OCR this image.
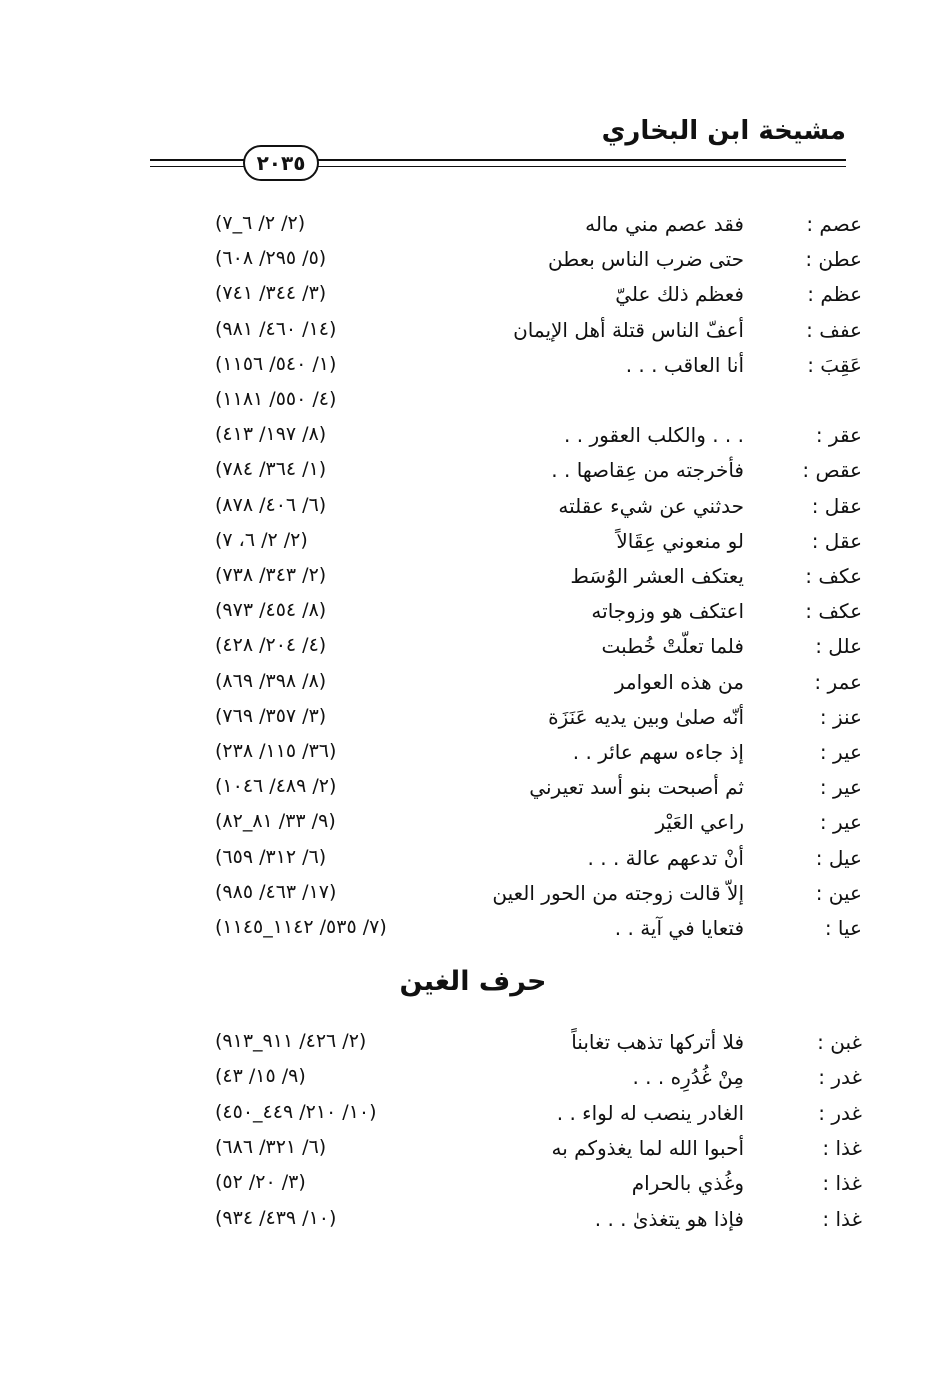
مشيخة ابن البخاري
٢٠٣٥
عصم :
فقد عصم مني ماله
(٢/ ٢/ ٦_٧)
عطن :
حتى ضرب الناس بعطن
(٥/ ٢٩٥/ ٦٠٨)
عظم :
فعظم ذلك عليّ
(٣/ ٣٤٤/ ٧٤١)
عفف :
أعفّ الناس قتلة أهل الإيمان
(١٤/ ٤٦٠/ ٩٨١)
عَقِبَ :
أنا العاقب . . .
(١/ ٥٤٠/ ١١٥٦)
(٤/ ٥٥٠/ ١١٨١)
عقر :
. . . والكلب العقور . .
(٨/ ١٩٧/ ٤١٣)
عقص :
فأخرجته من عِقاصها . .
(١/ ٣٦٤/ ٧٨٤)
عقل :
حدثني عن شيء عقلته
(٦/ ٤٠٦/ ٨٧٨)
عقل :
لو منعوني عِقَالاً
(٢/ ٢/ ٦، ٧)
عكف :
يعتكف العشر الوُسَط
(٢/ ٣٤٣/ ٧٣٨)
عكف :
اعتكف هو وزوجاته
(٨/ ٤٥٤/ ٩٧٣)
علل :
فلما تعلّتْ خُطبت
(٤/ ٢٠٤/ ٤٢٨)
عمر :
من هذه العوامر
(٨/ ٣٩٨/ ٨٦٩)
عنز :
أنّه صلىٰ وبين يديه عَنَزَة
(٣/ ٣٥٧/ ٧٦٩)
عير :
إذ جاءه سهم عائر . .
(٣٦/ ١١٥/ ٢٣٨)
عير :
ثم أصبحت بنو أسد تعيرني
(٢/ ٤٨٩/ ١٠٤٦)
عير :
راعي العَيْر
(٩/ ٣٣/ ٨١_٨٢)
عيل :
أنْ تدعهم عالة . . .
(٦/ ٣١٢/ ٦٥٩)
عين :
إلاّ قالت زوجته من الحور العين
(١٧/ ٤٦٣/ ٩٨٥)
عيا :
فتعايا في آية . .
(٧/ ٥٣٥/ ١١٤٢_١١٤٥)
حرف الغين
غبن :
فلا أتركها تذهب تغابناً
(٢/ ٤٢٦/ ٩١١_٩١٣)
غدر :
مِنْ غُدُرِه . . .
(٩/ ١٥/ ٤٣)
غدر :
الغادر ينصب له لواء . .
(١٠/ ٢١٠/ ٤٤٩_٤٥٠)
غذا :
أحبوا الله لما يغذوكم به
(٦/ ٣٢١/ ٦٨٦)
غذا :
وغُذي بالحرام
(٣/ ٢٠/ ٥٢)
غذا :
فإذا هو يتغذىٰ . . .
(١٠/ ٤٣٩/ ٩٣٤)
